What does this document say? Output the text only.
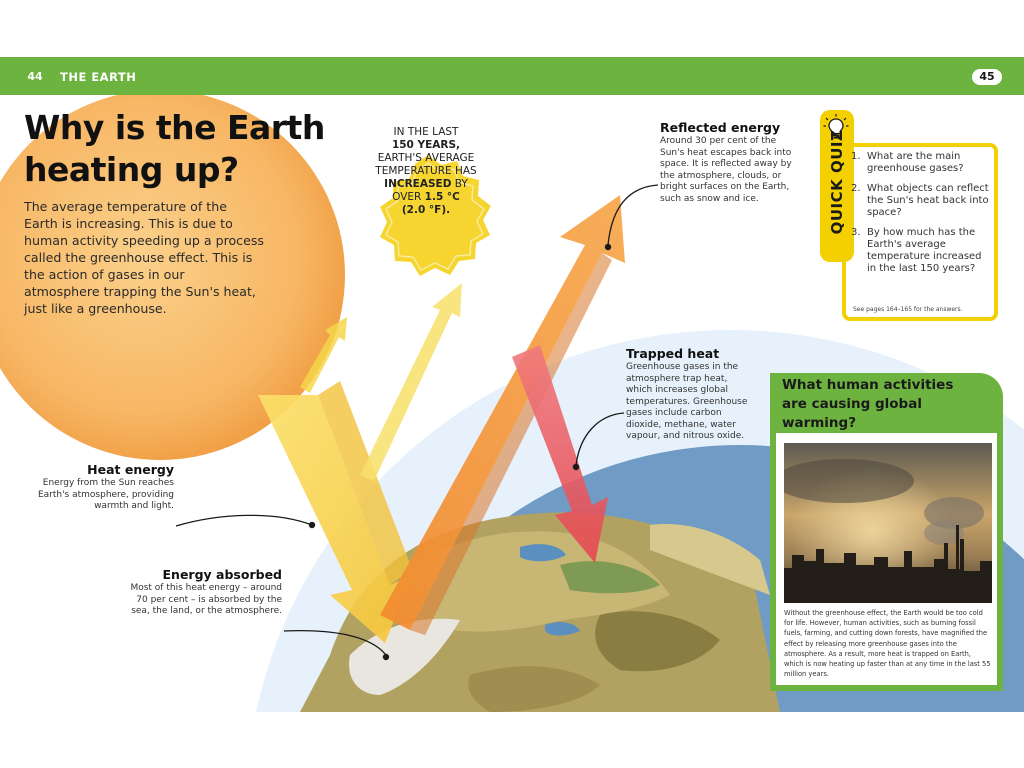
44	THE EARTH	45
Why is the Earth heating up?

The average temperature of the Earth is increasing. This is due to human activity speeding up a process called the greenhouse effect. This is the action of gases in our atmosphere trapping the Sun's heat, just like a greenhouse.

IN THE LAST
150 YEARS,
EARTH'S AVERAGE
TEMPERATURE HAS
INCREASED BY
OVER 1.5 °C
(2.0 °F).
Reflected energy
Around 30 per cent of the Sun's heat escapes back into space. It is reflected away by the atmosphere, clouds, or bright surfaces on the Earth, such as snow and ice.
Trapped heat
Greenhouse gases in the atmosphere trap heat, which increases global temperatures. Greenhouse gases include carbon dioxide, methane, water vapour, and nitrous oxide.
Heat energy
Energy from the Sun reaches Earth's atmosphere, providing warmth and light.
Energy absorbed
Most of this heat energy – around 70 per cent – is absorbed by the sea, the land, or the atmosphere.
QUICK QUIZ 1. What are the main greenhouse gases?
2. What objects can reflect the Sun's heat back into space?
3. By how much has the Earth's average temperature increased in the last 150 years?
See pages 164–165 for the answers.
What human activities are causing global warming?
Without the greenhouse effect, the Earth would be too cold for life. However, human activities, such as burning fossil fuels, farming, and cutting down forests, have magnified the effect by releasing more greenhouse gases into the atmosphere. As a result, more heat is trapped on Earth, which is now heating up faster than at any time in the last 55 million years.
